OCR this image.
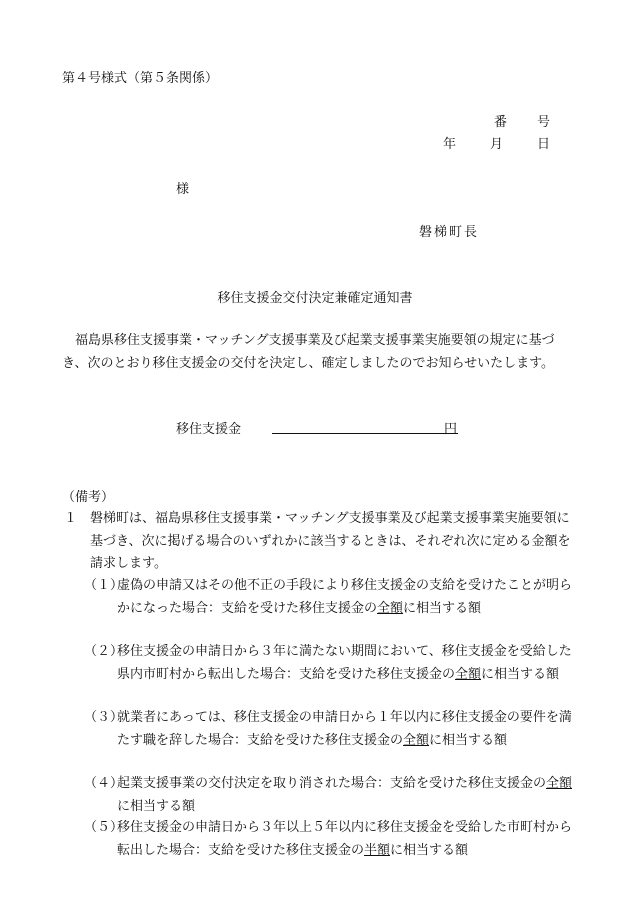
第４号様式（第５条関係）
番 号
年	月	日
様
磐梯町長
移住支援金交付決定兼確定通知書
福島県移住支援事業・マッチング支援事業及び起業支援事業実施要領の規定に基づき、次のとおり移住支援金の交付を決定し、確定しましたのでお知らせいたします。
移住支援金	円
（備考）
１ 磐梯町は、福島県移住支援事業・マッチング支援事業及び起業支援事業実施要領に基づき、次に掲げる場合のいずれかに該当するときは、それぞれ次に定める金額を請求します。
（１）
虚偽の申請又はその他不正の手段により移住支援金の支給を受けたことが明らかになった場合：支給を受けた移住支援金の全額に相当する額
（２）
移住支援金の申請日から３年に満たない期間において、移住支援金を受給した県内市町村から転出した場合：支給を受けた移住支援金の全額に相当する額
（３）
就業者にあっては、移住支援金の申請日から１年以内に移住支援金の要件を満たす職を辞した場合：支給を受けた移住支援金の全額に相当する額
（４）
起業支援事業の交付決定を取り消された場合：支給を受けた移住支援金の全額に相当する額
（５）
移住支援金の申請日から３年以上５年以内に移住支援金を受給した市町村から転出した場合：支給を受けた移住支援金の半額に相当する額
